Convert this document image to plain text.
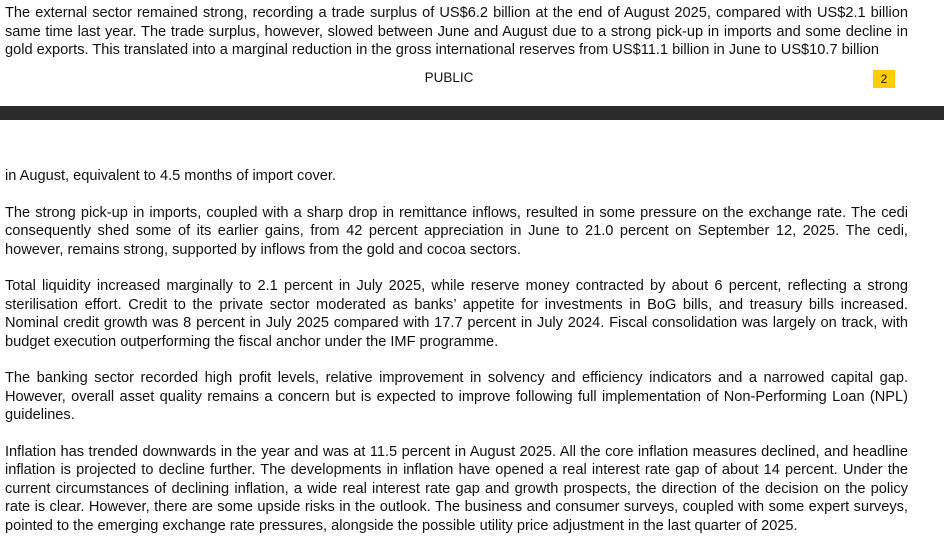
The external sector remained strong, recording a trade surplus of US$6.2 billion at the end of August 2025, compared with US$2.1 billion same time last year. The trade surplus, however, slowed between June and August due to a strong pick-up in imports and some decline in gold exports. This translated into a marginal reduction in the gross international reserves from US$11.1 billion in June to US$10.7 billion

PUBLIC	2

in August, equivalent to 4.5 months of import cover.

The strong pick-up in imports, coupled with a sharp drop in remittance inflows, resulted in some pressure on the exchange rate. The cedi consequently shed some of its earlier gains, from 42 percent appreciation in June to 21.0 percent on September 12, 2025. The cedi, however, remains strong, supported by inflows from the gold and cocoa sectors.

Total liquidity increased marginally to 2.1 percent in July 2025, while reserve money contracted by about 6 percent, reflecting a strong sterilisation effort. Credit to the private sector moderated as banks’ appetite for investments in BoG bills, and treasury bills increased. Nominal credit growth was 8 percent in July 2025 compared with 17.7 percent in July 2024. Fiscal consolidation was largely on track, with budget execution outperforming the fiscal anchor under the IMF programme.

The banking sector recorded high profit levels, relative improvement in solvency and efficiency indicators and a narrowed capital gap. However, overall asset quality remains a concern but is expected to improve following full implementation of Non-Performing Loan (NPL) guidelines.

Inflation has trended downwards in the year and was at 11.5 percent in August 2025. All the core inflation measures declined, and headline inflation is projected to decline further. The developments in inflation have opened a real interest rate gap of about 14 percent. Under the current circumstances of declining inflation, a wide real interest rate gap and growth prospects, the direction of the decision on the policy rate is clear. However, there are some upside risks in the outlook. The business and consumer surveys, coupled with some expert surveys, pointed to the emerging exchange rate pressures, alongside the possible utility price adjustment in the last quarter of 2025.
